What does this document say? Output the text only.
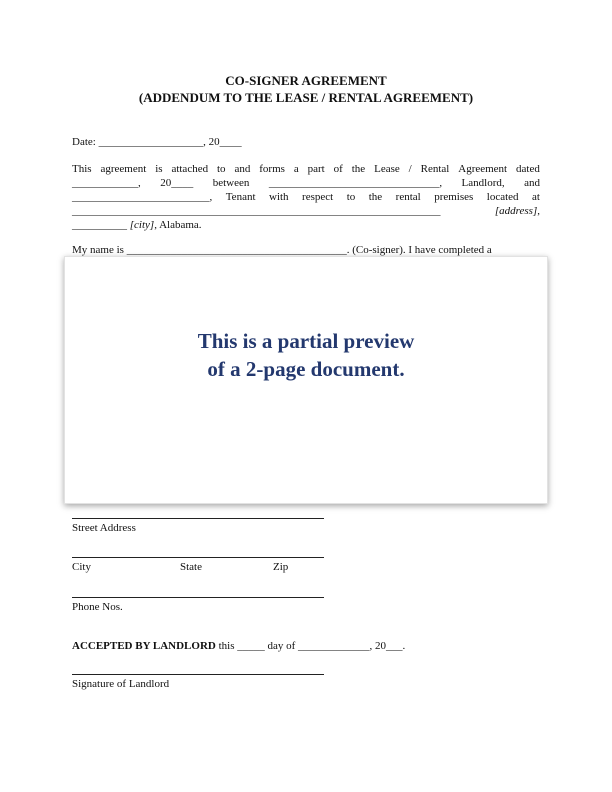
CO-SIGNER AGREEMENT
(ADDENDUM TO THE LEASE / RENTAL AGREEMENT)
Date: ___________________, 20____
This agreement is attached to and forms a part of the Lease / Rental Agreement dated
____________, 20____ between _______________________________, Landlord, and
_________________________, Tenant with respect to the rental premises located at
___________________________________________________________________	[address],
__________ [city], Alabama.
My name is ________________________________________. (Co-signer). I have completed a
This is a partial preview
of a 2-page document.
Street Address
City	State	Zip
Phone Nos.
ACCEPTED BY LANDLORD this _____ day of _____________, 20___.
Signature of Landlord
